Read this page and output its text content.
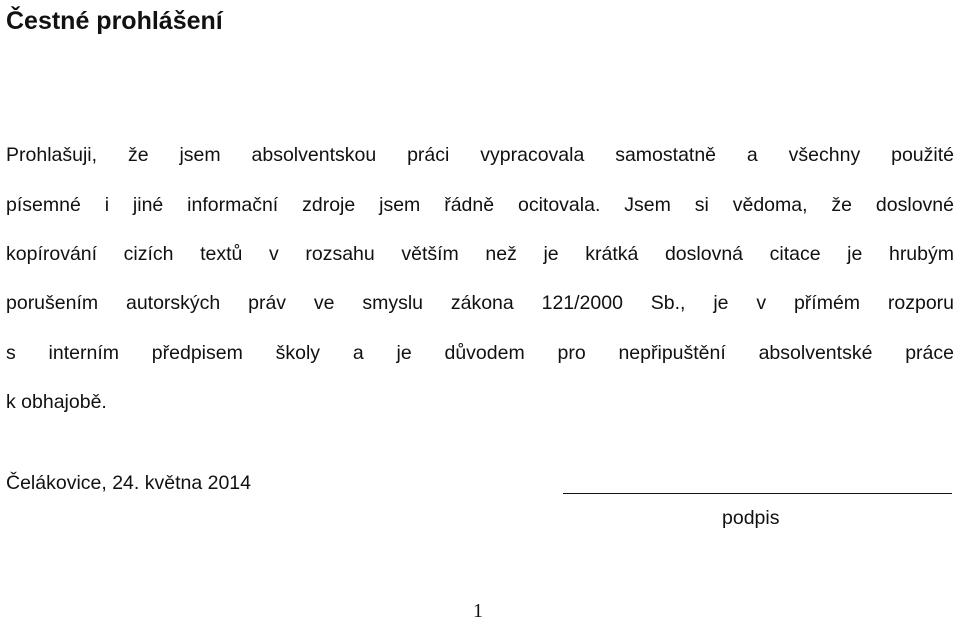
Čestné prohlášení

Prohlašuji, že jsem absolventskou práci vypracovala samostatně a všechny použité

písemné i jiné informační zdroje jsem řádně ocitovala. Jsem si vědoma, že doslovné

kopírování cizích textů v rozsahu větším než je krátká doslovná citace je hrubým

porušením autorských práv ve smyslu zákona 121/2000 Sb., je v přímém rozporu

s interním předpisem školy a je důvodem pro nepřipuštění absolventské práce

k obhajobě.

Čelákovice, 24. května 2014

podpis

1
